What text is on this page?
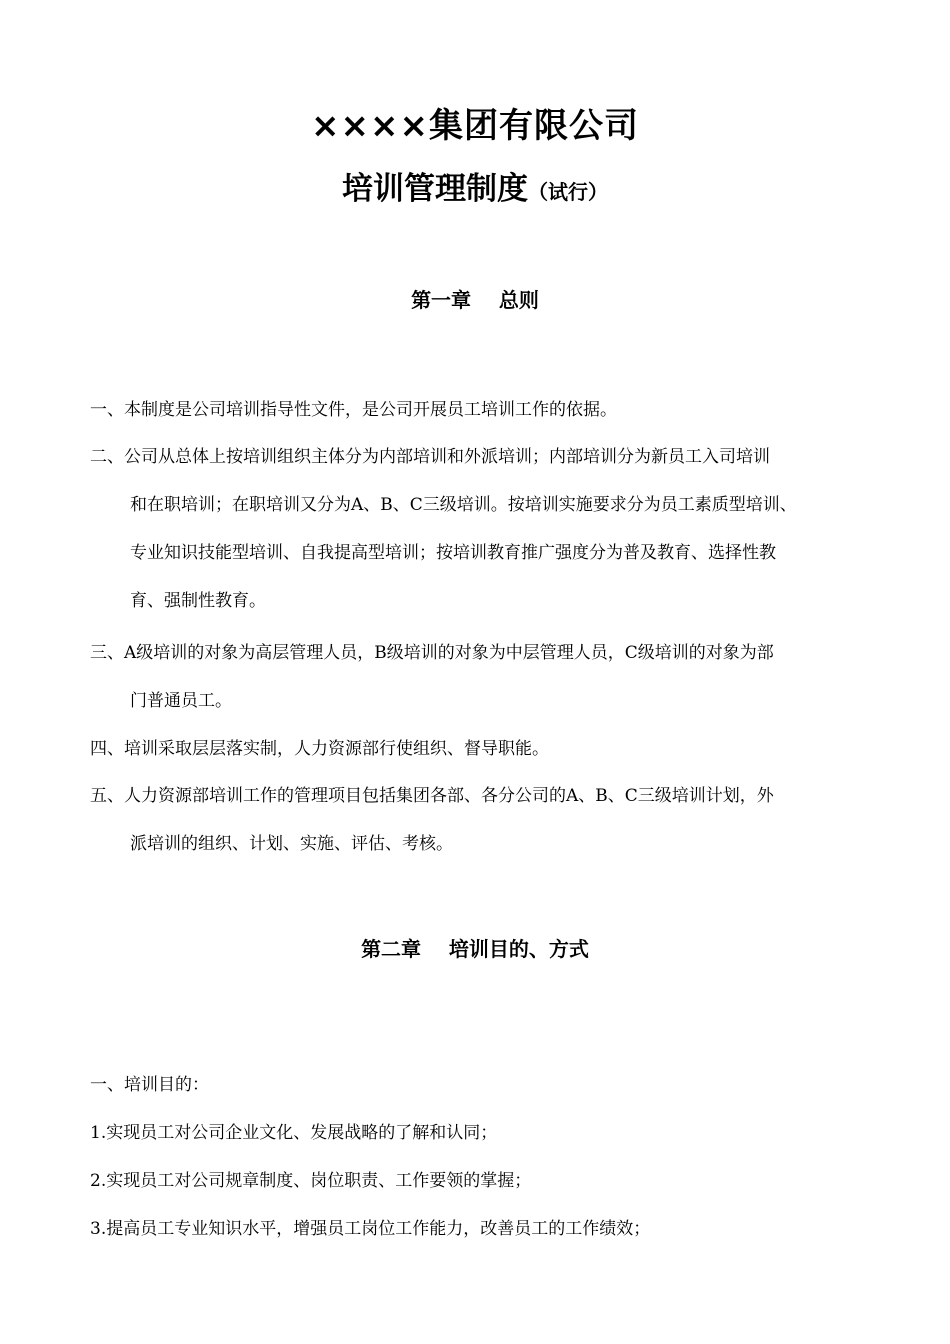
××××集团有限公司
培训管理制度（试行）
第一章    总则
一、本制度是公司培训指导性文件，是公司开展员工培训工作的依据。
二、公司从总体上按培训组织主体分为内部培训和外派培训；内部培训分为新员工入司培训
和在职培训；在职培训又分为A、B、C三级培训。按培训实施要求分为员工素质型培训、
专业知识技能型培训、自我提高型培训；按培训教育推广强度分为普及教育、选择性教
育、强制性教育。
三、A级培训的对象为高层管理人员，B级培训的对象为中层管理人员，C级培训的对象为部
门普通员工。
四、培训采取层层落实制，人力资源部行使组织、督导职能。
五、人力资源部培训工作的管理项目包括集团各部、各分公司的A、B、C三级培训计划，外
派培训的组织、计划、实施、评估、考核。
第二章    培训目的、方式
一、培训目的：
1.实现员工对公司企业文化、发展战略的了解和认同；
2.实现员工对公司规章制度、岗位职责、工作要领的掌握；
3.提高员工专业知识水平，增强员工岗位工作能力，改善员工的工作绩效；
